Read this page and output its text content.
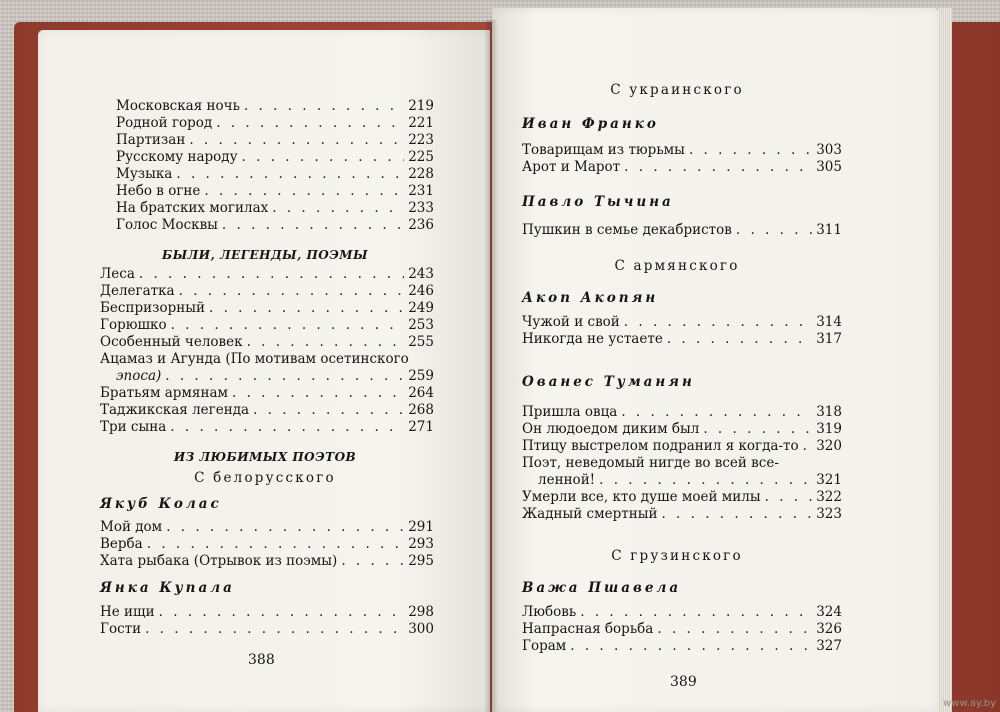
Московская ночь . . .	219
Родной город . . .	221
Партизан . . .	223
Русскому народу . . .	225
Музыка . . .	228
Небо в огне . . .	231
На братских могилах . . .	233
Голос Москвы . . .	236
БЫЛИ, ЛЕГЕНДЫ, ПОЭМЫ
Леса . . .	243
Делегатка . . .	246
Беспризорный . . .	249
Горюшко . . .	253
Особенный человек . . .	255
Ацамаз и Агунда (По мотивам осетинского
эпоса) . . .	259
Братьям армянам . . .	264
Таджикская легенда . . .	268
Три сына . . .	271
ИЗ ЛЮБИМЫХ ПОЭТОВ
С белорусского
Якуб Колас
Мой дом . . .	291
Верба . . .	293
Хата рыбака (Отрывок из поэмы) . . .	295
Янка Купала
Не ищи . . .	298
Гости . . .	300
388
С украинского
Иван Франко
Товарищам из тюрьмы . . .	303
Арот и Марот . . .	305
Павло Тычина
Пушкин в семье декабристов . . .	311
С армянского
Акоп Акопян
Чужой и свой . . .	314
Никогда не устаете . . .	317
Ованес Туманян
Пришла овца . . .	318
Он людоедом диким был . . .	319
Птицу выстрелом подранил я когда-то . . . 320
Поэт, неведомый нигде во всей все-
ленной! . . .	321
Умерли все, кто душе моей милы . . .	322
Жадный смертный . . .	323
С грузинского
Важа Пшавела
Любовь . . .	324
Напрасная борьба . . .	326
Горам . . .	327
389
www.ay.by
